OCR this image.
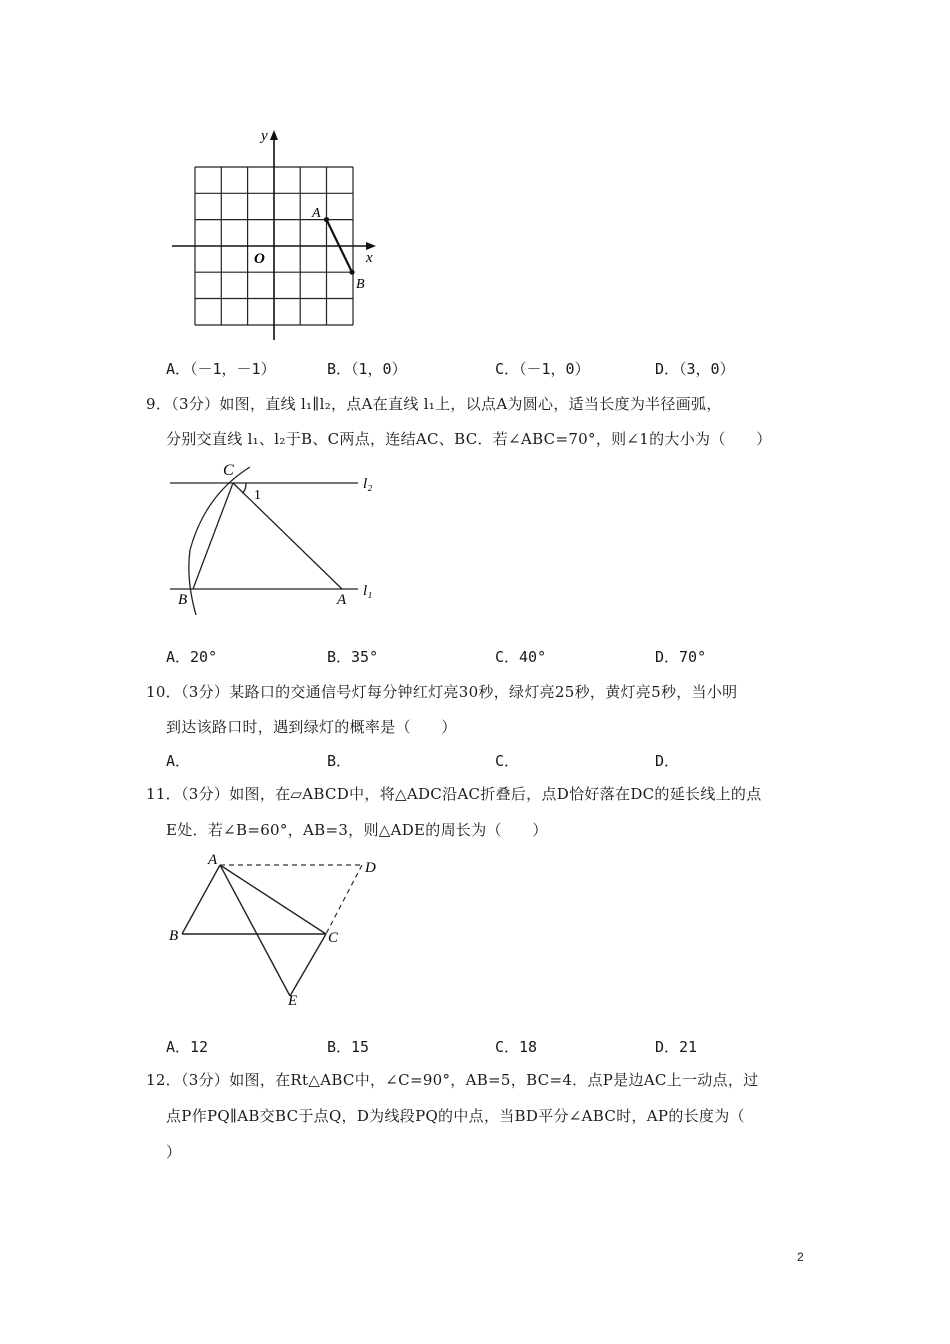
y
x
O
A
B
A．（－1，－1）	B．（1，0）	C．（－1，0）	D．（3，0）
9．（3分）如图，直线 l₁∥l₂，点A在直线 l₁上，以点A为圆心，适当长度为半径画弧，
分别交直线 l₁、l₂于B、C两点，连结AC、BC．若∠ABC=70°，则∠1的大小为（　　）
C
1
l₂
B	A
l₁
A．20°	B．35°	C．40°	D．70°
10．（3分）某路口的交通信号灯每分钟红灯亮30秒，绿灯亮25秒，黄灯亮5秒，当小明
到达该路口时，遇到绿灯的概率是（　　）
A．	B．	C．	D．
11．（3分）如图，在▱ABCD中，将△ADC沿AC折叠后，点D恰好落在DC的延长线上的点
E处．若∠B=60°，AB=3，则△ADE的周长为（　　）
A	D
B	C
E
A．12	B．15	C．18	D．21
12．（3分）如图，在Rt△ABC中，∠C=90°，AB=5，BC=4．点P是边AC上一动点，过
点P作PQ∥AB交BC于点Q，D为线段PQ的中点，当BD平分∠ABC时，AP的长度为（
）
2
